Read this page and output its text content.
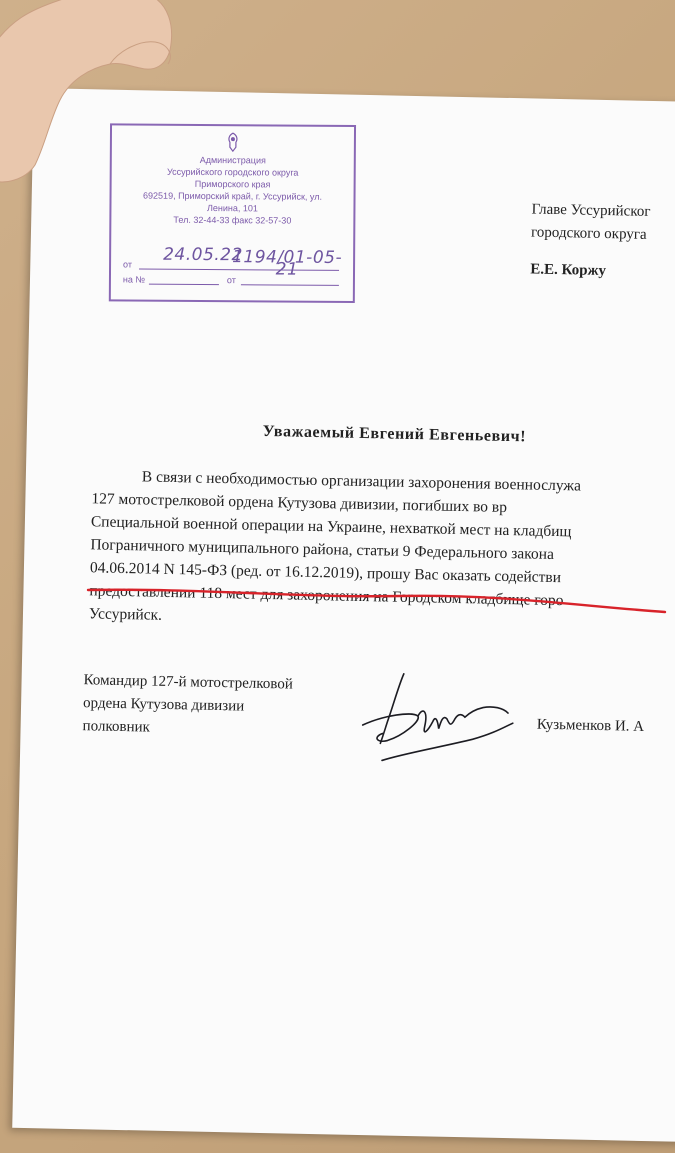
Администрация
Уссурийского городского округа
Приморского края
692519, Приморский край, г. Уссурийск, ул.
Ленина, 101
Тел. 32-44-33 факс 32-57-30
от
на №	от
24.05.22
1194/01-05-21
Главе Уссурийског
городского округа
Е.Е. Коржу
Уважаемый Евгений Евгеньевич!
В связи с необходимостью организации захоронения военнослужа
127 мотострелковой ордена Кутузова дивизии, погибших во вр
Специальной военной операции на Украине, нехваткой мест на кладбищ
Пограничного муниципального района, статьи 9 Федерального закона
04.06.2014 N 145-ФЗ (ред. от 16.12.2019), прошу Вас оказать содействи
предоставлении 118 мест для захоронения на Городском кладбище горо
Уссурийск.
Командир 127-й мотострелковой
ордена Кутузова дивизии
полковник	Кузьменков И. А
